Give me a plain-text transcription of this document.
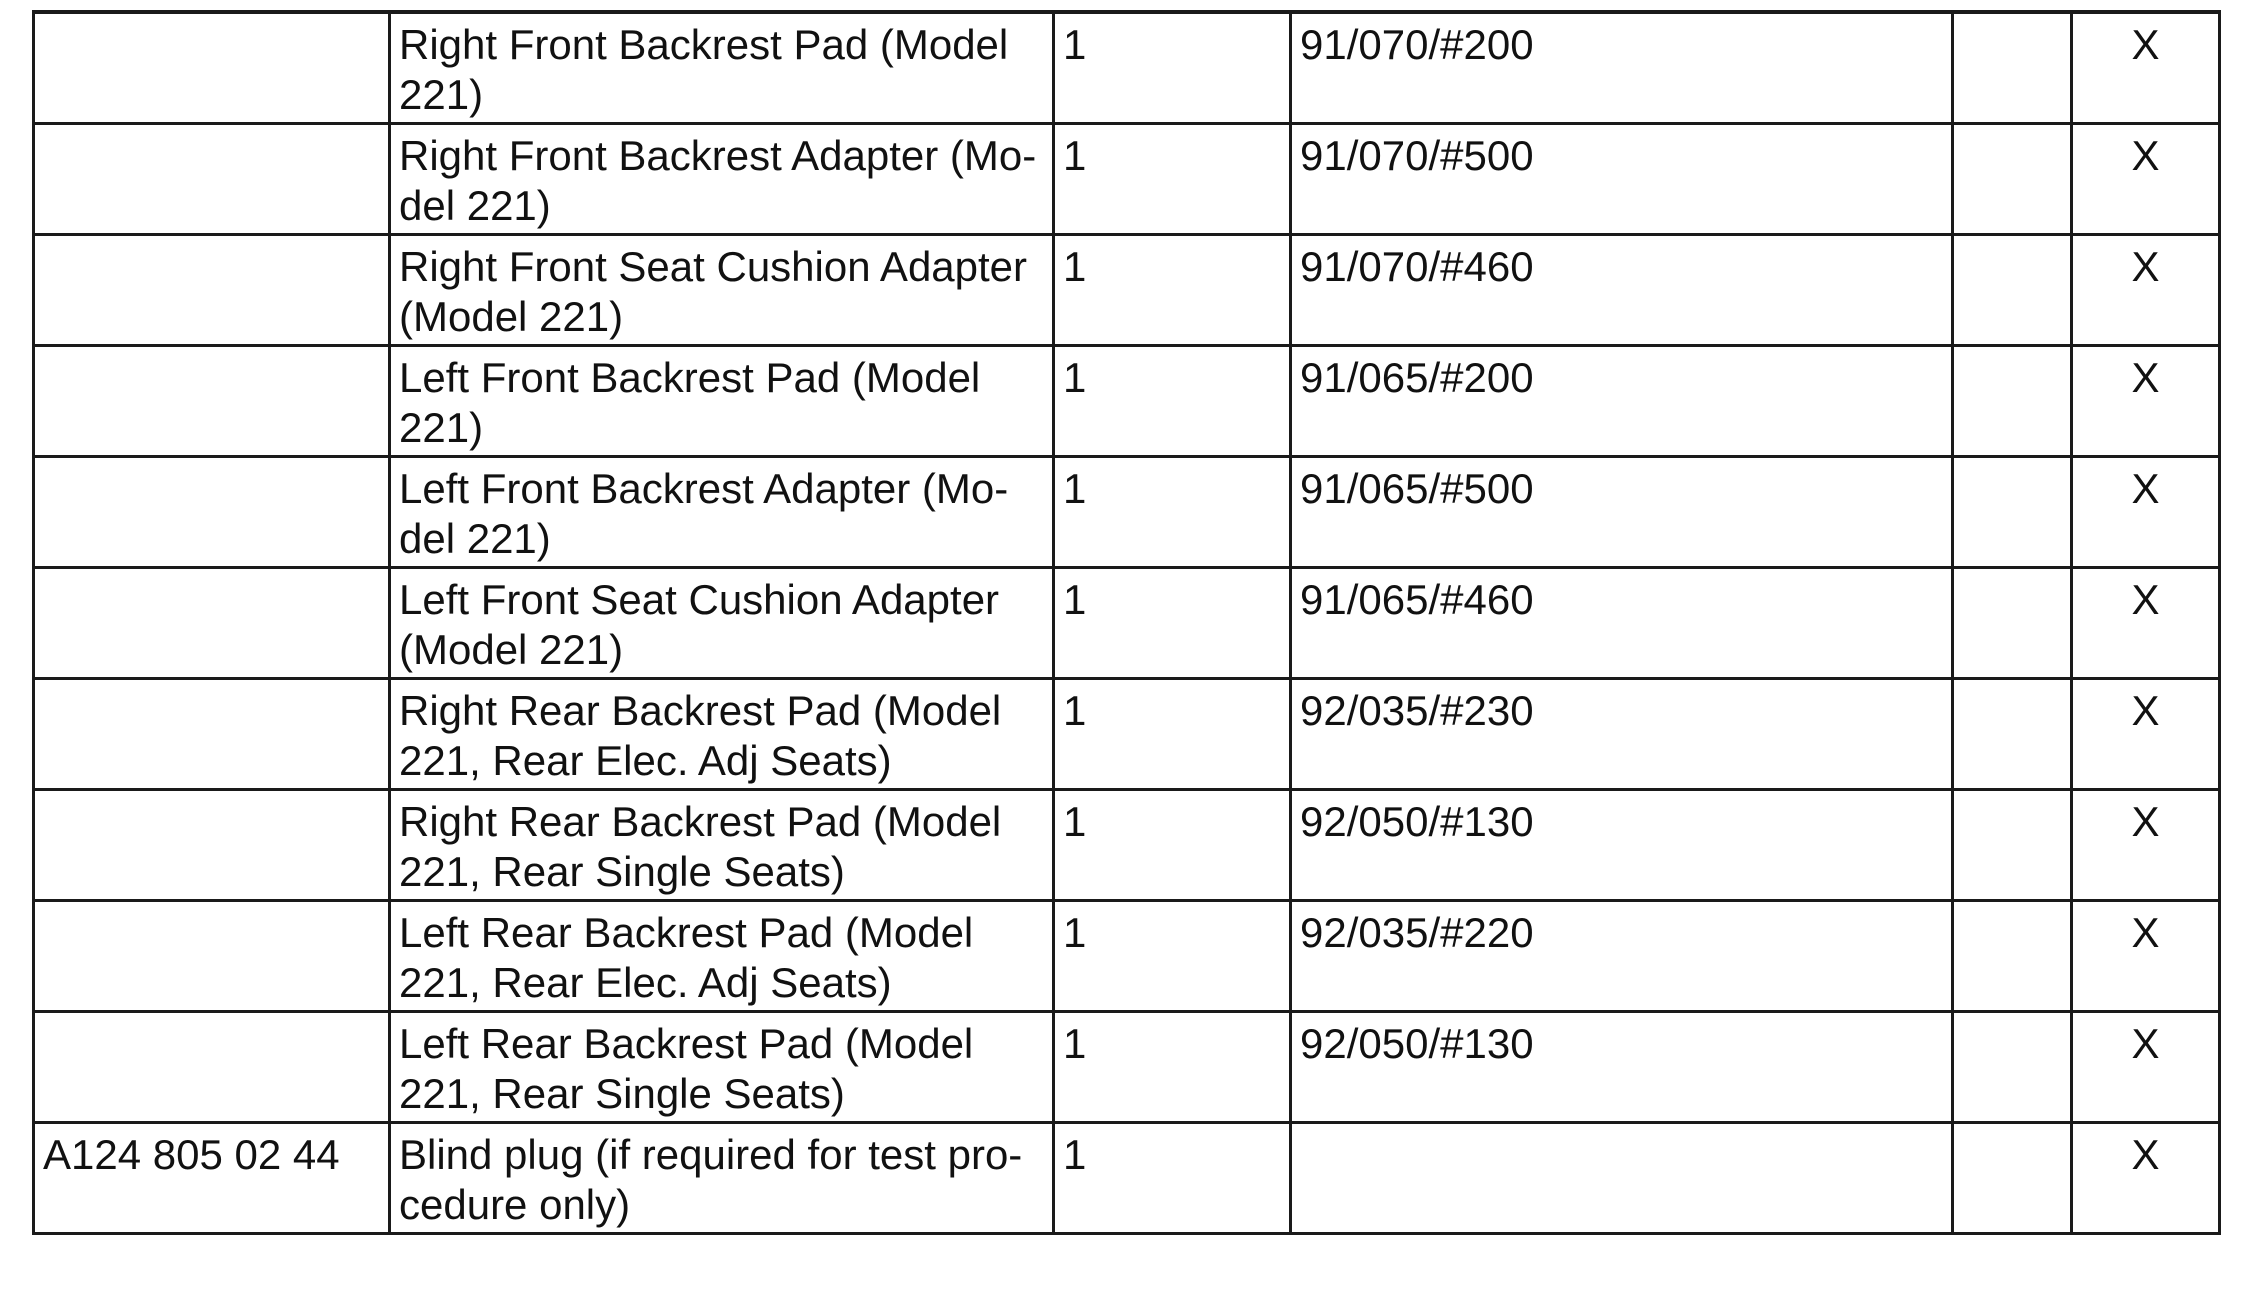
	Right Front Backrest Pad (Model
221)	1	91/070/#200		X
	Right Front Backrest Adapter (Mo-
del 221)	1	91/070/#500		X
	Right Front Seat Cushion Adapter
(Model 221)	1	91/070/#460		X
	Left Front Backrest Pad (Model
221)	1	91/065/#200		X
	Left Front Backrest Adapter (Mo-
del 221)	1	91/065/#500		X
	Left Front Seat Cushion Adapter
(Model 221)	1	91/065/#460		X
	Right Rear Backrest Pad (Model
221, Rear Elec. Adj Seats)	1	92/035/#230		X
	Right Rear Backrest Pad (Model
221, Rear Single Seats)	1	92/050/#130		X
	Left Rear Backrest Pad (Model
221, Rear Elec. Adj Seats)	1	92/035/#220		X
	Left Rear Backrest Pad (Model
221, Rear Single Seats)	1	92/050/#130		X
A124 805 02 44	Blind plug (if required for test pro-
cedure only)	1			X
